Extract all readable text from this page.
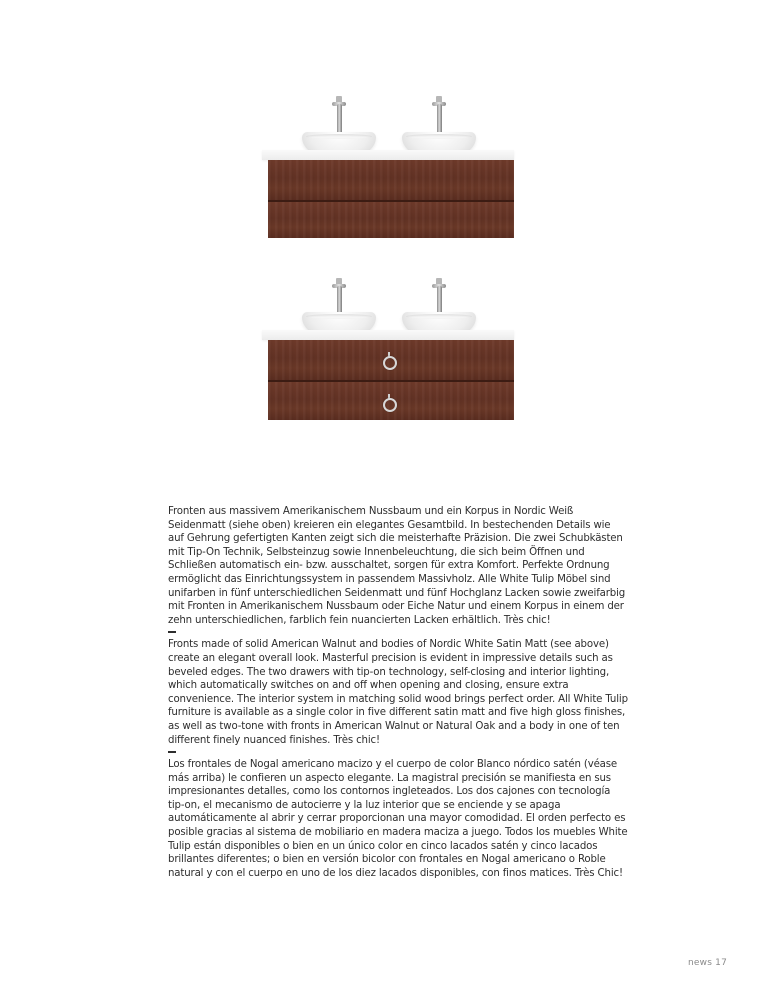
Fronten aus massivem Amerikanischem Nussbaum und ein Korpus in Nordic Weiß Seidenmatt (siehe oben) kreieren ein elegantes Gesamtbild. In bestechenden Details wie auf Gehrung gefertigten Kanten zeigt sich die meisterhafte Präzision. Die zwei Schubkästen mit Tip-On Technik, Selbsteinzug sowie Innenbeleuchtung, die sich beim Öffnen und Schließen automatisch ein- bzw. ausschaltet, sorgen für extra Komfort. Perfekte Ordnung ermöglicht das Einrichtungssystem in passendem Massivholz. Alle White Tulip Möbel sind unifarben in fünf unterschiedlichen Seidenmatt und fünf Hochglanz Lacken sowie zweifarbig mit Fronten in Amerikanischem Nussbaum oder Eiche Natur und einem Korpus in einem der zehn unterschiedlichen, farblich fein nuancierten Lacken erhältlich. Très chic!

Fronts made of solid American Walnut and bodies of Nordic White Satin Matt (see above) create an elegant overall look. Masterful precision is evident in impressive details such as beveled edges. The two drawers with tip-on technology, self-closing and interior lighting, which automatically switches on and off when opening and closing, ensure extra convenience. The interior system in matching solid wood brings perfect order. All White Tulip furniture is available as a single color in five different satin matt and five high gloss finishes, as well as two-tone with fronts in American Walnut or Natural Oak and a body in one of ten different finely nuanced finishes. Très chic!

Los frontales de Nogal americano macizo y el cuerpo de color Blanco nórdico satén (véase más arriba) le confieren un aspecto elegante. La magistral precisión se manifiesta en sus impresionantes detalles, como los contornos ingleteados. Los dos cajones con tecnología tip-on, el mecanismo de autocierre y la luz interior que se enciende y se apaga automáticamente al abrir y cerrar proporcionan una mayor comodidad. El orden perfecto es posible gracias al sistema de mobiliario en madera maciza a juego. Todos los muebles White Tulip están disponibles o bien en un único color en cinco lacados satén y cinco lacados brillantes diferentes; o bien en versión bicolor con frontales en Nogal americano o Roble natural y con el cuerpo en uno de los diez lacados disponibles, con finos matices. Très Chic!

news 17
